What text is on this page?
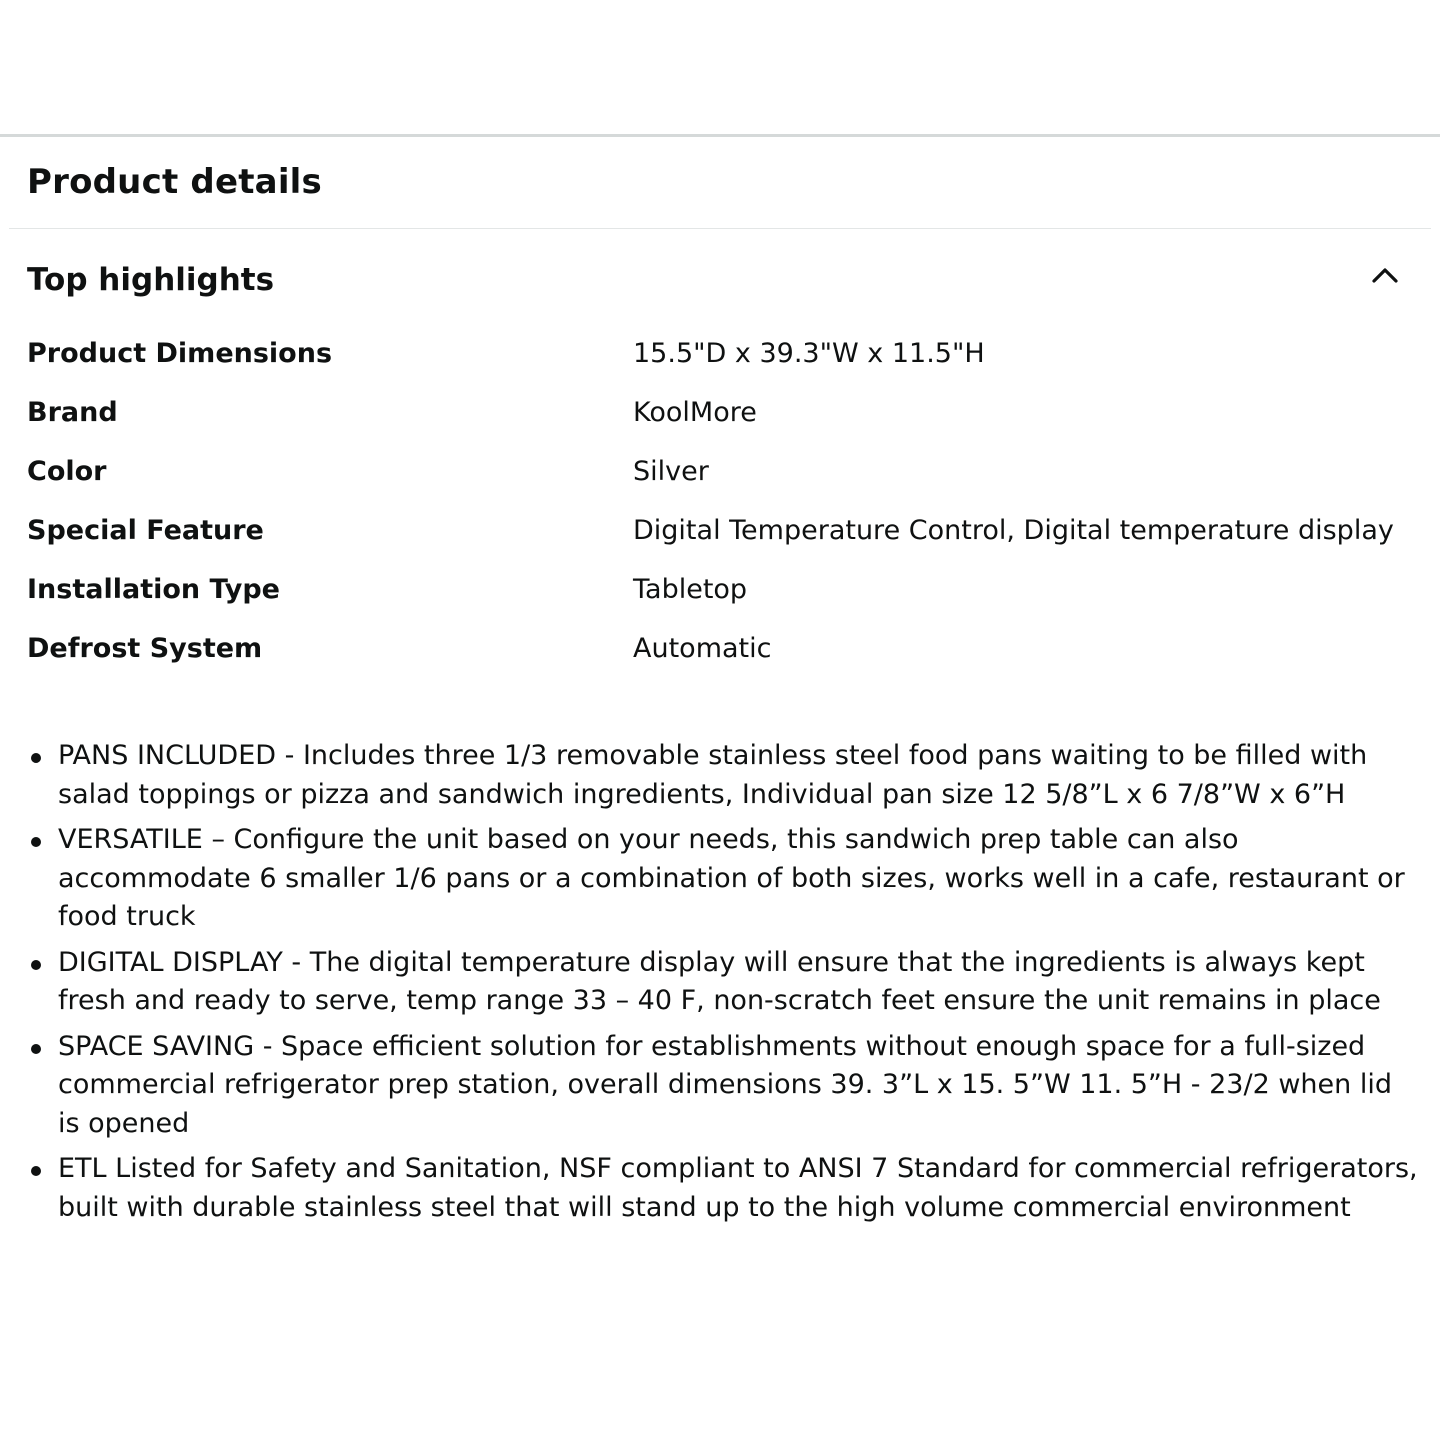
Product details
Top highlights
Product Dimensions	15.5"D x 39.3"W x 11.5"H
Brand	KoolMore
Color	Silver
Special Feature	Digital Temperature Control, Digital temperature display
Installation Type	Tabletop
Defrost System	Automatic
PANS INCLUDED - Includes three 1/3 removable stainless steel food pans waiting to be filled with salad toppings or pizza and sandwich ingredients, Individual pan size 12 5/8”L x 6 7/8”W x 6”H
VERSATILE – Configure the unit based on your needs, this sandwich prep table can also accommodate 6 smaller 1/6 pans or a combination of both sizes, works well in a cafe, restaurant or food truck
DIGITAL DISPLAY - The digital temperature display will ensure that the ingredients is always kept fresh and ready to serve, temp range 33 – 40 F, non-scratch feet ensure the unit remains in place
SPACE SAVING - Space efficient solution for establishments without enough space for a full-sized commercial refrigerator prep station, overall dimensions 39. 3”L x 15. 5”W 11. 5”H - 23/2 when lid is opened
ETL Listed for Safety and Sanitation, NSF compliant to ANSI 7 Standard for commercial refrigerators, built with durable stainless steel that will stand up to the high volume commercial environment
